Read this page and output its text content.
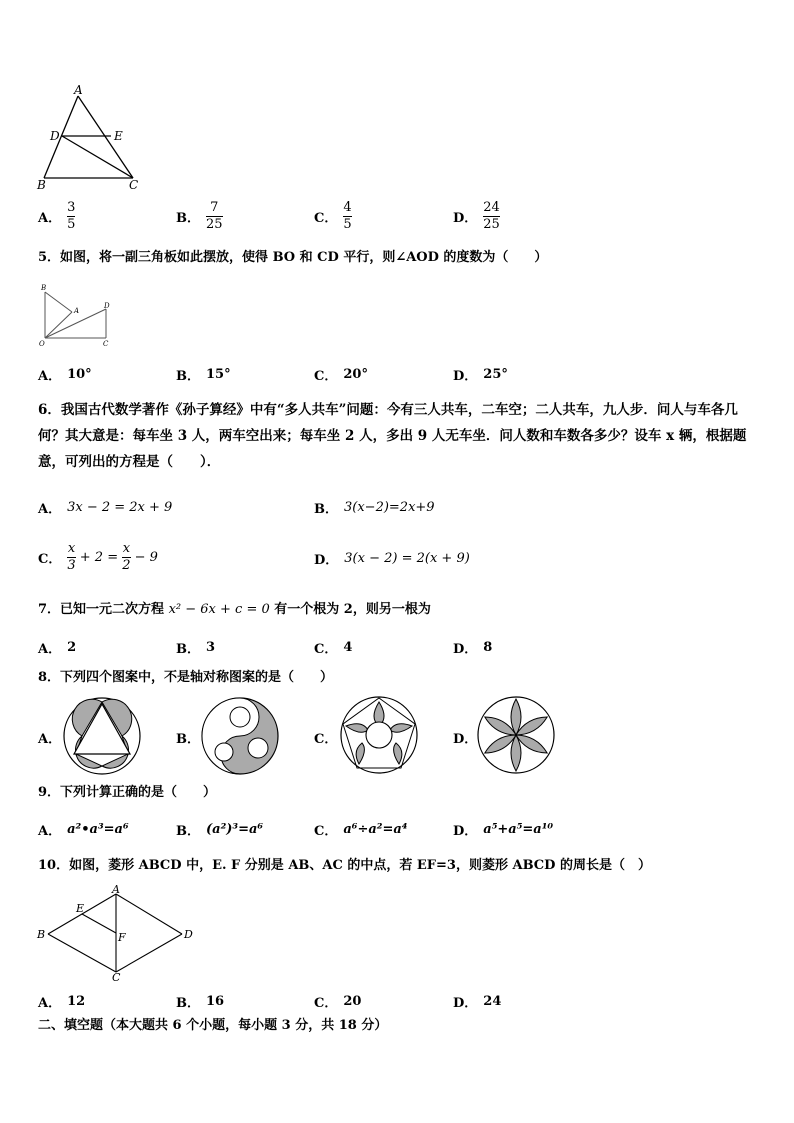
A
D	E
B	C
A． $\frac{3}{5}$	B． $\frac{7}{25}$	C． $\frac{4}{5}$	D． $\frac{24}{25}$
5．如图，将一副三角板如此摆放，使得 BO 和 CD 平行，则∠AOD 的度数为（　　）
B
A
D
O	C
A． 10°	B． 15°	C． 20°	D． 25°
6．我国古代数学著作《孙子算经》中有“多人共车”问题：今有三人共车，二车空；二人共车，九人步．问人与车各几
何？其大意是：每车坐 3 人，两车空出来；每车坐 2 人，多出 9 人无车坐．问人数和车数各多少？设车 x 辆，根据题
意，可列出的方程是（　　）．
A． 3x − 2 = 2x + 9	B． 3(x−2)=2x+9
C． $\frac{x}{3} + 2 = \frac{x}{2} - 9$	D． 3(x − 2) = 2(x + 9)
7．已知一元二次方程 x² − 6x + c = 0 有一个根为 2，则另一根为
A． 2	B． 3	C． 4	D． 8
8．下列四个图案中，不是轴对称图案的是（　　）
A．	B．	C．	D．
9．下列计算正确的是（　　）
A． a²•a³=a⁶	B． (a²)³=a⁶	C． a⁶÷a²=a⁴	D． a⁵+a⁵=a¹⁰
10．如图，菱形 ABCD 中，E. F 分别是 AB、AC 的中点，若 EF=3，则菱形 ABCD 的周长是（　）
A
E
B	F	D
C
A． 12	B． 16	C． 20	D． 24
二、填空题（本大题共 6 个小题，每小题 3 分，共 18 分）
